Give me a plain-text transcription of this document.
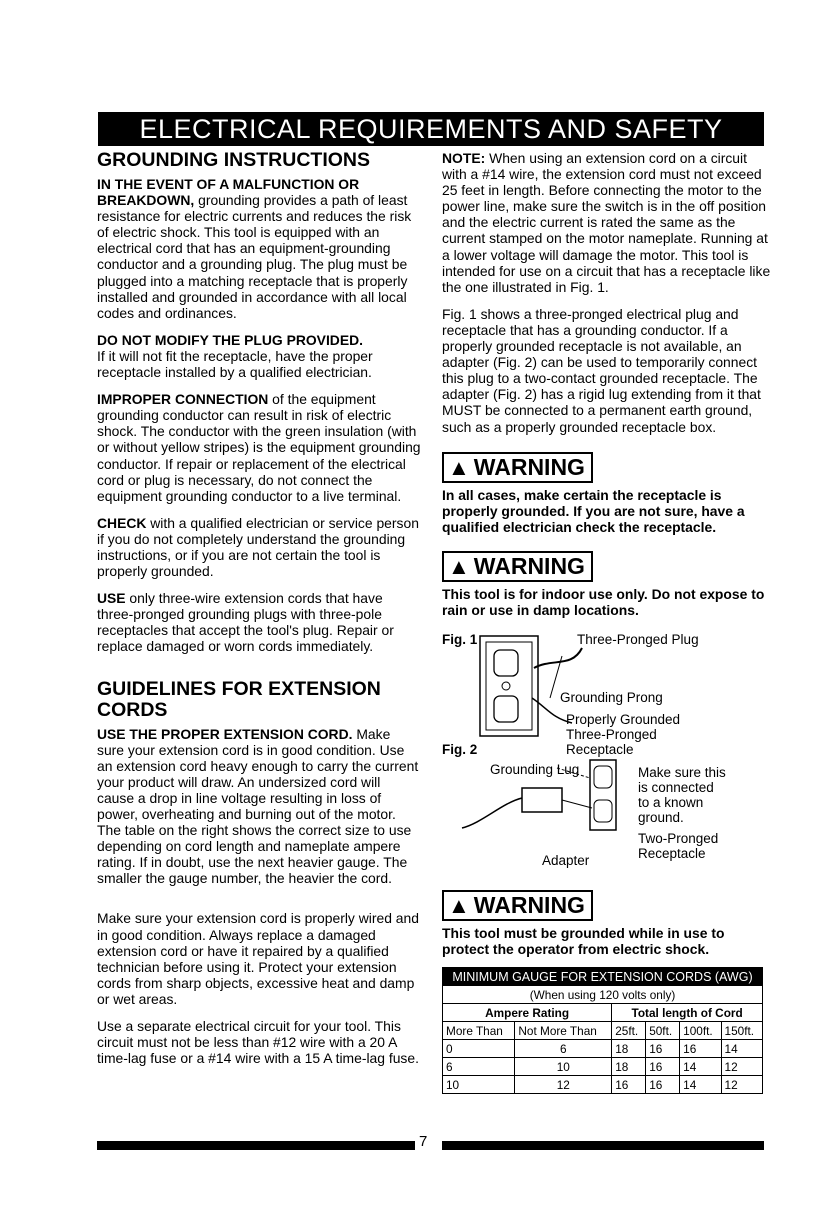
ELECTRICAL REQUIREMENTS AND SAFETY
GROUNDING INSTRUCTIONS

IN THE EVENT OF A MALFUNCTION OR BREAKDOWN, grounding provides a path of least resistance for electric currents and reduces the risk of electric shock. This tool is equipped with an electrical cord that has an equipment-grounding conductor and a grounding plug. The plug must be plugged into a matching receptacle that is properly installed and grounded in accordance with all local codes and ordinances.

DO NOT MODIFY THE PLUG PROVIDED.
If it will not fit the receptacle, have the proper receptacle installed by a qualified electrician.

IMPROPER CONNECTION of the equipment grounding conductor can result in risk of electric shock. The conductor with the green insulation (with or without yellow stripes) is the equipment grounding conductor. If repair or replacement of the electrical cord or plug is necessary, do not connect the equipment grounding conductor to a live terminal.

CHECK with a qualified electrician or service person if you do not completely understand the grounding instructions, or if you are not certain the tool is properly grounded.

USE only three-wire extension cords that have three-pronged grounding plugs with three-pole receptacles that accept the tool's plug. Repair or replace damaged or worn cords immediately.

GUIDELINES FOR EXTENSION CORDS

USE THE PROPER EXTENSION CORD. Make sure your extension cord is in good condition. Use an extension cord heavy enough to carry the current your product will draw. An undersized cord will cause a drop in line voltage resulting in loss of power, overheating and burning out of the motor. The table on the right shows the correct size to use depending on cord length and nameplate ampere rating. If in doubt, use the next heavier gauge. The smaller the gauge number, the heavier the cord.

Make sure your extension cord is properly wired and in good condition. Always replace a damaged extension cord or have it repaired by a qualified technician before using it. Protect your extension cords from sharp objects, excessive heat and damp or wet areas.

Use a separate electrical circuit for your tool. This circuit must not be less than #12 wire with a 20 A time-lag fuse or a #14 wire with a 15 A time-lag fuse.

NOTE: When using an extension cord on a circuit with a #14 wire, the extension cord must not exceed 25 feet in length. Before connecting the motor to the power line, make sure the switch is in the off position and the electric current is rated the same as the current stamped on the motor nameplate. Running at a lower voltage will damage the motor. This tool is intended for use on a circuit that has a receptacle like the one illustrated in Fig. 1.

Fig. 1 shows a three-pronged electrical plug and receptacle that has a grounding conductor. If a properly grounded receptacle is not available, an adapter (Fig. 2) can be used to temporarily connect this plug to a two-contact grounded receptacle. The adapter (Fig. 2) has a rigid lug extending from it that MUST be connected to a permanent earth ground, such as a properly grounded receptacle box.

▲ WARNING
In all cases, make certain the receptacle is properly grounded. If you are not sure, have a qualified electrician check the receptacle.
▲ WARNING
This tool is for indoor use only. Do not expose to rain or use in damp locations.
Fig. 1	Three-Pronged Plug
Grounding Prong
Properly Grounded
Three-Pronged
Receptacle
Fig. 2
Grounding Lug	Make sure this
is connected
to a known
ground.
Two-Pronged
Receptacle
Adapter
▲ WARNING
This tool must be grounded while in use to protect the operator from electric shock.
MINIMUM GAUGE FOR EXTENSION CORDS (AWG)					
(When using 120 volts only)					
Ampere Rating		Total length of Cord			
More Than	Not More Than	25ft.	50ft.	100ft.	150ft.
0	6	18	16	16	14
6	10	18	16	14	12
10	12	16	16	14	12
7
